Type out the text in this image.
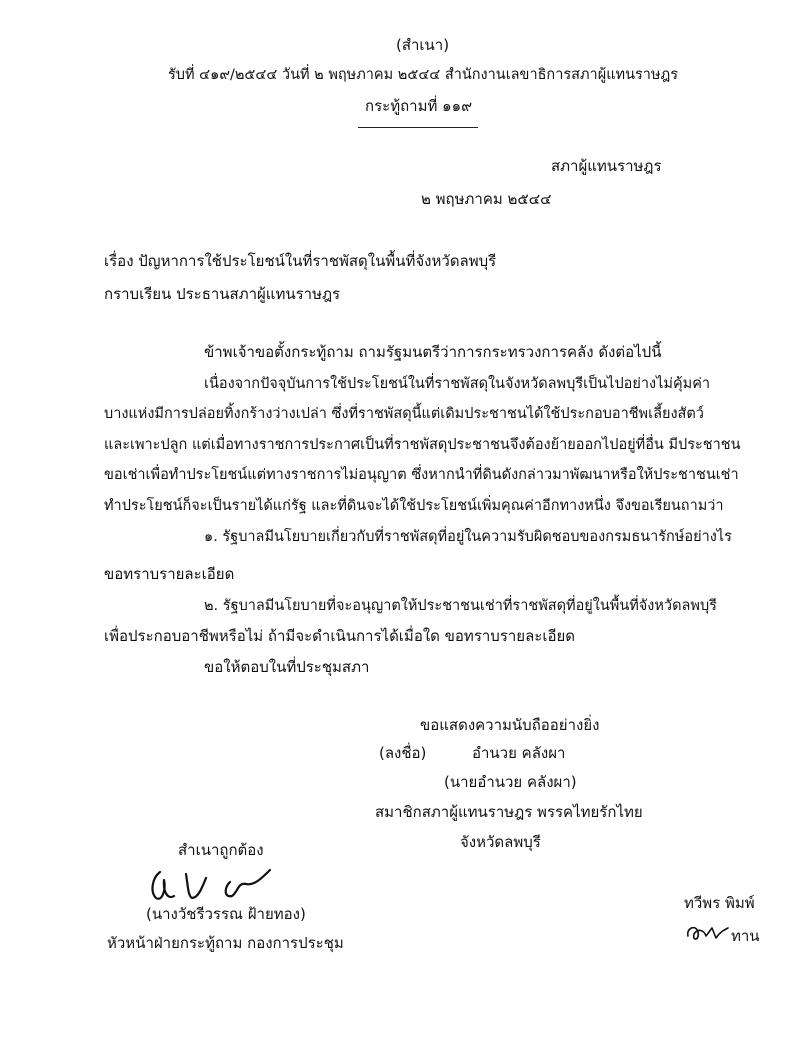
(สำเนา)
รับที่ ๔๑๙/๒๕๔๔ วันที่ ๒ พฤษภาคม ๒๕๔๔ สำนักงานเลขาธิการสภาผู้แทนราษฎร
กระทู้ถามที่ ๑๑๙
สภาผู้แทนราษฎร
๒ พฤษภาคม ๒๕๔๔
เรื่อง ปัญหาการใช้ประโยชน์ในที่ราชพัสดุในพื้นที่จังหวัดลพบุรี
กราบเรียน ประธานสภาผู้แทนราษฎร
ข้าพเจ้าขอตั้งกระทู้ถาม ถามรัฐมนตรีว่าการกระทรวงการคลัง ดังต่อไปนี้
เนื่องจากปัจจุบันการใช้ประโยชน์ในที่ราชพัสดุในจังหวัดลพบุรีเป็นไปอย่างไม่คุ้มค่า
บางแห่งมีการปล่อยทิ้งกร้างว่างเปล่า ซึ่งที่ราชพัสดุนี้แต่เดิมประชาชนได้ใช้ประกอบอาชีพเลี้ยงสัตว์
และเพาะปลูก แต่เมื่อทางราชการประกาศเป็นที่ราชพัสดุประชาชนจึงต้องย้ายออกไปอยู่ที่อื่น มีประชาชน
ขอเช่าเพื่อทำประโยชน์แต่ทางราชการไม่อนุญาต ซึ่งหากนำที่ดินดังกล่าวมาพัฒนาหรือให้ประชาชนเช่า
ทำประโยชน์ก็จะเป็นรายได้แก่รัฐ และที่ดินจะได้ใช้ประโยชน์เพิ่มคุณค่าอีกทางหนึ่ง จึงขอเรียนถามว่า
๑. รัฐบาลมีนโยบายเกี่ยวกับที่ราชพัสดุที่อยู่ในความรับผิดชอบของกรมธนารักษ์อย่างไร
ขอทราบรายละเอียด
๒. รัฐบาลมีนโยบายที่จะอนุญาตให้ประชาชนเช่าที่ราชพัสดุที่อยู่ในพื้นที่จังหวัดลพบุรี
เพื่อประกอบอาชีพหรือไม่ ถ้ามีจะดำเนินการได้เมื่อใด ขอทราบรายละเอียด
ขอให้ตอบในที่ประชุมสภา
ขอแสดงความนับถืออย่างยิ่ง
(ลงชื่อ)	อำนวย คลังผา
(นายอำนวย คลังผา)
สมาชิกสภาผู้แทนราษฎร พรรคไทยรักไทย
จังหวัดลพบุรี
สำเนาถูกต้อง
(นางวัชรีวรรณ ฝ้ายทอง)
หัวหน้าฝ่ายกระทู้ถาม กองการประชุม
ทวีพร พิมพ์
ทาน
